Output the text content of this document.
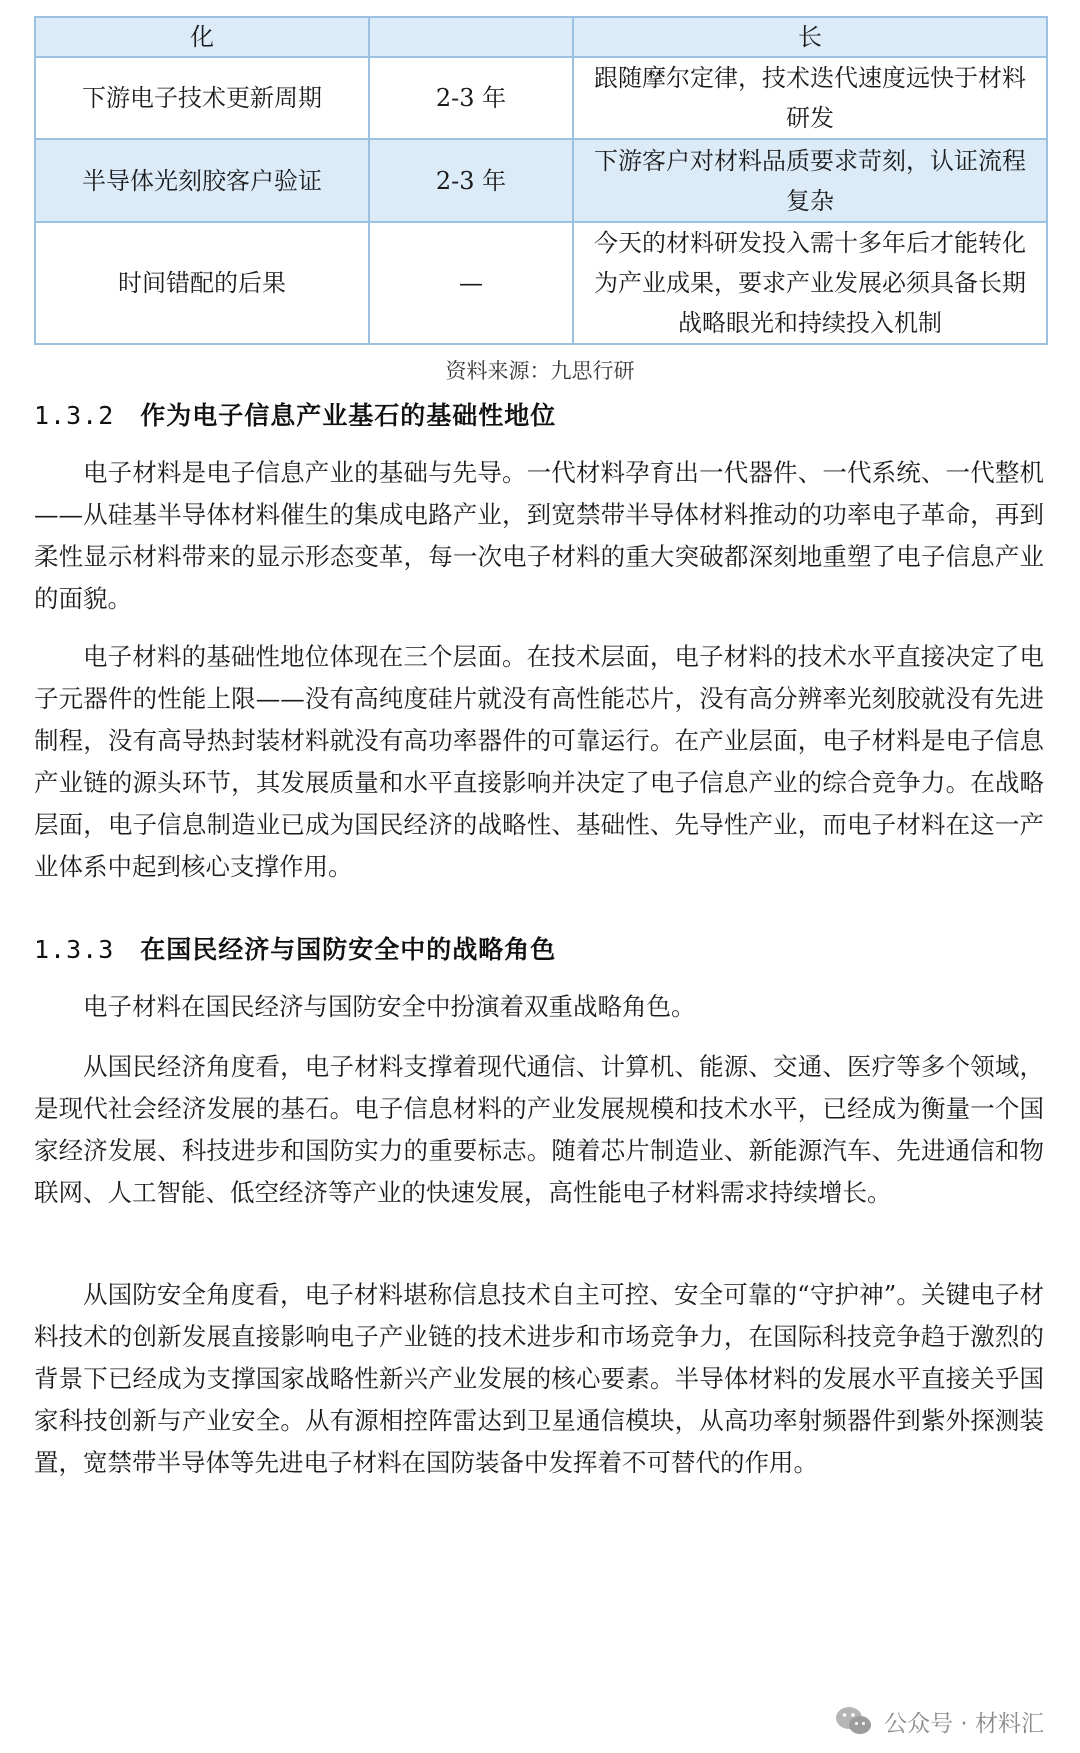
化		长
下游电子技术更新周期	2-3 年	跟随摩尔定律，技术迭代速度远快于材料研发
半导体光刻胶客户验证	2-3 年	下游客户对材料品质要求苛刻，认证流程复杂
时间错配的后果	—	今天的材料研发投入需十多年后才能转化为产业成果，要求产业发展必须具备长期战略眼光和持续投入机制
资料来源：九思行研
1.3.2 作为电子信息产业基石的基础性地位

电子材料是电子信息产业的基础与先导。一代材料孕育出一代器件、一代系统、一代整机——从硅基半导体材料催生的集成电路产业，到宽禁带半导体材料推动的功率电子革命，再到柔性显示材料带来的显示形态变革，每一次电子材料的重大突破都深刻地重塑了电子信息产业的面貌。

电子材料的基础性地位体现在三个层面。在技术层面，电子材料的技术水平直接决定了电子元器件的性能上限——没有高纯度硅片就没有高性能芯片，没有高分辨率光刻胶就没有先进制程，没有高导热封装材料就没有高功率器件的可靠运行。在产业层面，电子材料是电子信息产业链的源头环节，其发展质量和水平直接影响并决定了电子信息产业的综合竞争力。在战略层面，电子信息制造业已成为国民经济的战略性、基础性、先导性产业，而电子材料在这一产业体系中起到核心支撑作用。

1.3.3 在国民经济与国防安全中的战略角色

电子材料在国民经济与国防安全中扮演着双重战略角色。

从国民经济角度看，电子材料支撑着现代通信、计算机、能源、交通、医疗等多个领域，是现代社会经济发展的基石。电子信息材料的产业发展规模和技术水平，已经成为衡量一个国家经济发展、科技进步和国防实力的重要标志。随着芯片制造业、新能源汽车、先进通信和物联网、人工智能、低空经济等产业的快速发展，高性能电子材料需求持续增长。

从国防安全角度看，电子材料堪称信息技术自主可控、安全可靠的“守护神”。关键电子材料技术的创新发展直接影响电子产业链的技术进步和市场竞争力，在国际科技竞争趋于激烈的背景下已经成为支撑国家战略性新兴产业发展的核心要素。半导体材料的发展水平直接关乎国家科技创新与产业安全。从有源相控阵雷达到卫星通信模块，从高功率射频器件到紫外探测装置，宽禁带半导体等先进电子材料在国防装备中发挥着不可替代的作用。

公众号 · 材料汇
